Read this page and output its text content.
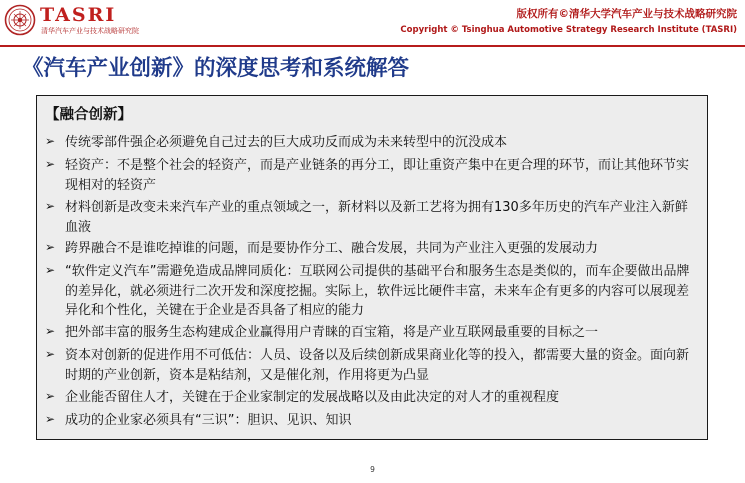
TASRI
清华汽车产业与技术战略研究院
版权所有©清华大学汽车产业与技术战略研究院
Copyright © Tsinghua Automotive Strategy Research Institute (TASRI)
《汽车产业创新》的深度思考和系统解答
【融合创新】
➢ 传统零部件强企必须避免自己过去的巨大成功反而成为未来转型中的沉没成本
➢ 轻资产：不是整个社会的轻资产，而是产业链条的再分工，即让重资产集中在更合理的环节，而让其他环节实现相对的轻资产
➢ 材料创新是改变未来汽车产业的重点领域之一，新材料以及新工艺将为拥有130多年历史的汽车产业注入新鲜血液
➢ 跨界融合不是谁吃掉谁的问题，而是要协作分工、融合发展，共同为产业注入更强的发展动力
➢ “软件定义汽车”需避免造成品牌同质化：互联网公司提供的基础平台和服务生态是类似的，而车企要做出品牌的差异化，就必须进行二次开发和深度挖掘。实际上，软件远比硬件丰富，未来车企有更多的内容可以展现差异化和个性化，关键在于企业是否具备了相应的能力
➢ 把外部丰富的服务生态构建成企业赢得用户青睐的百宝箱，将是产业互联网最重要的目标之一
➢ 资本对创新的促进作用不可低估：人员、设备以及后续创新成果商业化等的投入，都需要大量的资金。面向新时期的产业创新，资本是粘结剂，又是催化剂，作用将更为凸显
➢ 企业能否留住人才，关键在于企业家制定的发展战略以及由此决定的对人才的重视程度
➢ 成功的企业家必须具有“三识”：胆识、见识、知识
9
